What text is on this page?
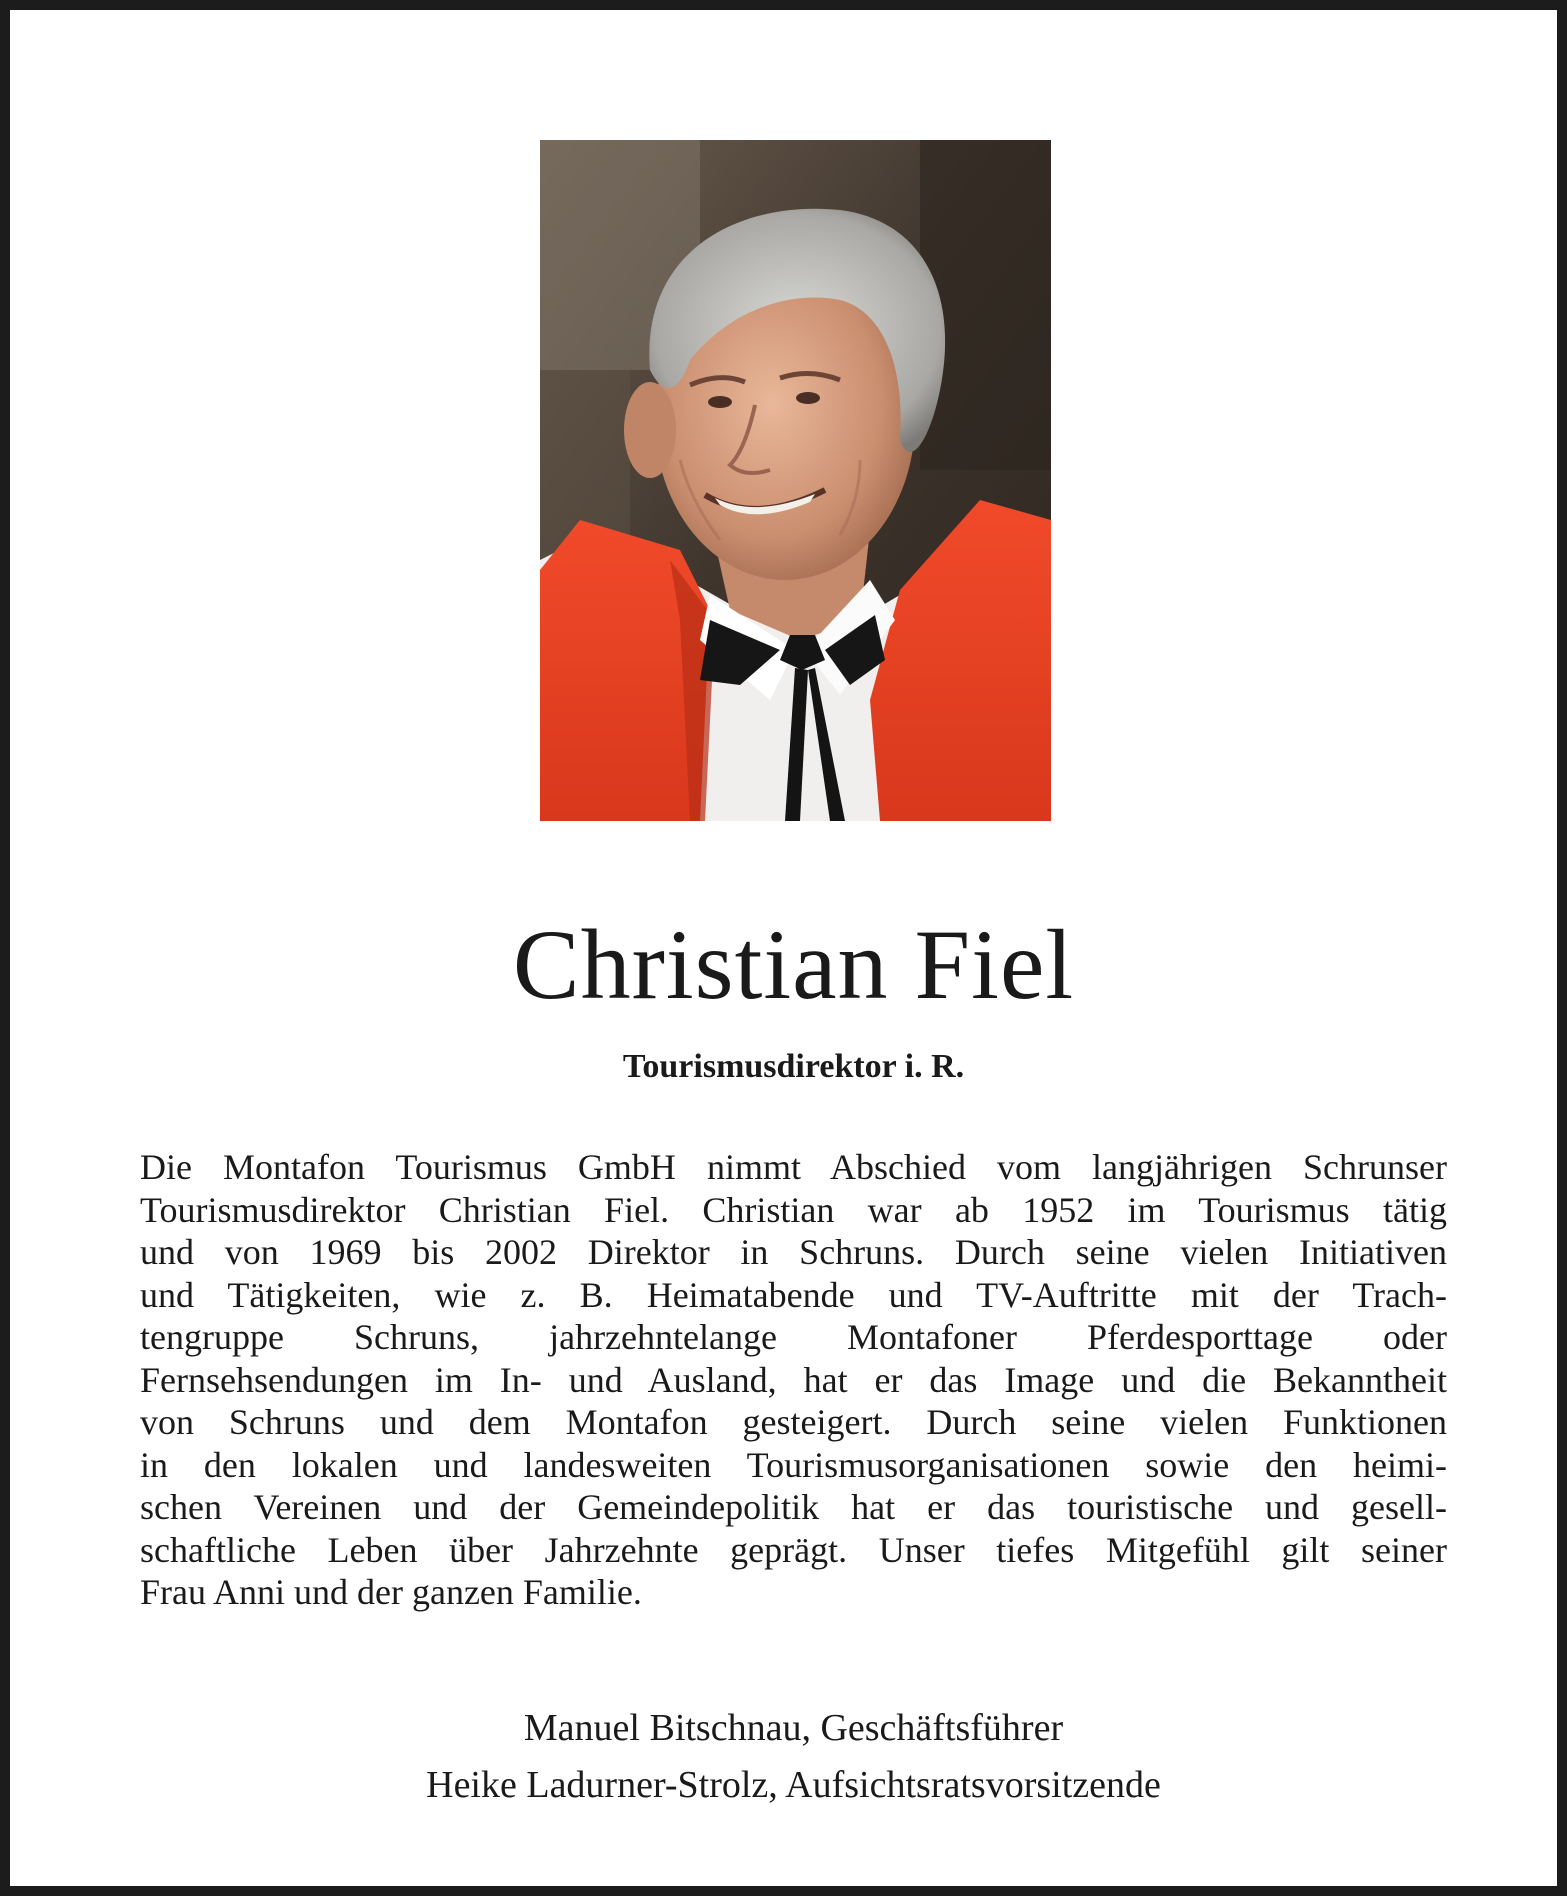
Christian Fiel
Tourismusdirektor i. R.
Die Montafon Tourismus GmbH nimmt Abschied vom langjährigen Schrunser
Tourismusdirektor Christian Fiel. Christian war ab 1952 im Tourismus tätig
und von 1969 bis 2002 Direktor in Schruns. Durch seine vielen Initiativen
und Tätigkeiten, wie z. B. Heimatabende und TV-Auftritte mit der Trach-
tengruppe Schruns, jahrzehntelange Montafoner Pferdesporttage oder
Fernsehsendungen im In- und Ausland, hat er das Image und die Bekanntheit
von Schruns und dem Montafon gesteigert. Durch seine vielen Funktionen
in den lokalen und landesweiten Tourismusorganisationen sowie den heimi-
schen Vereinen und der Gemeindepolitik hat er das touristische und gesell-
schaftliche Leben über Jahrzehnte geprägt. Unser tiefes Mitgefühl gilt seiner
Frau Anni und der ganzen Familie.
Manuel Bitschnau, Geschäftsführer
Heike Ladurner-Strolz, Aufsichtsratsvorsitzende
